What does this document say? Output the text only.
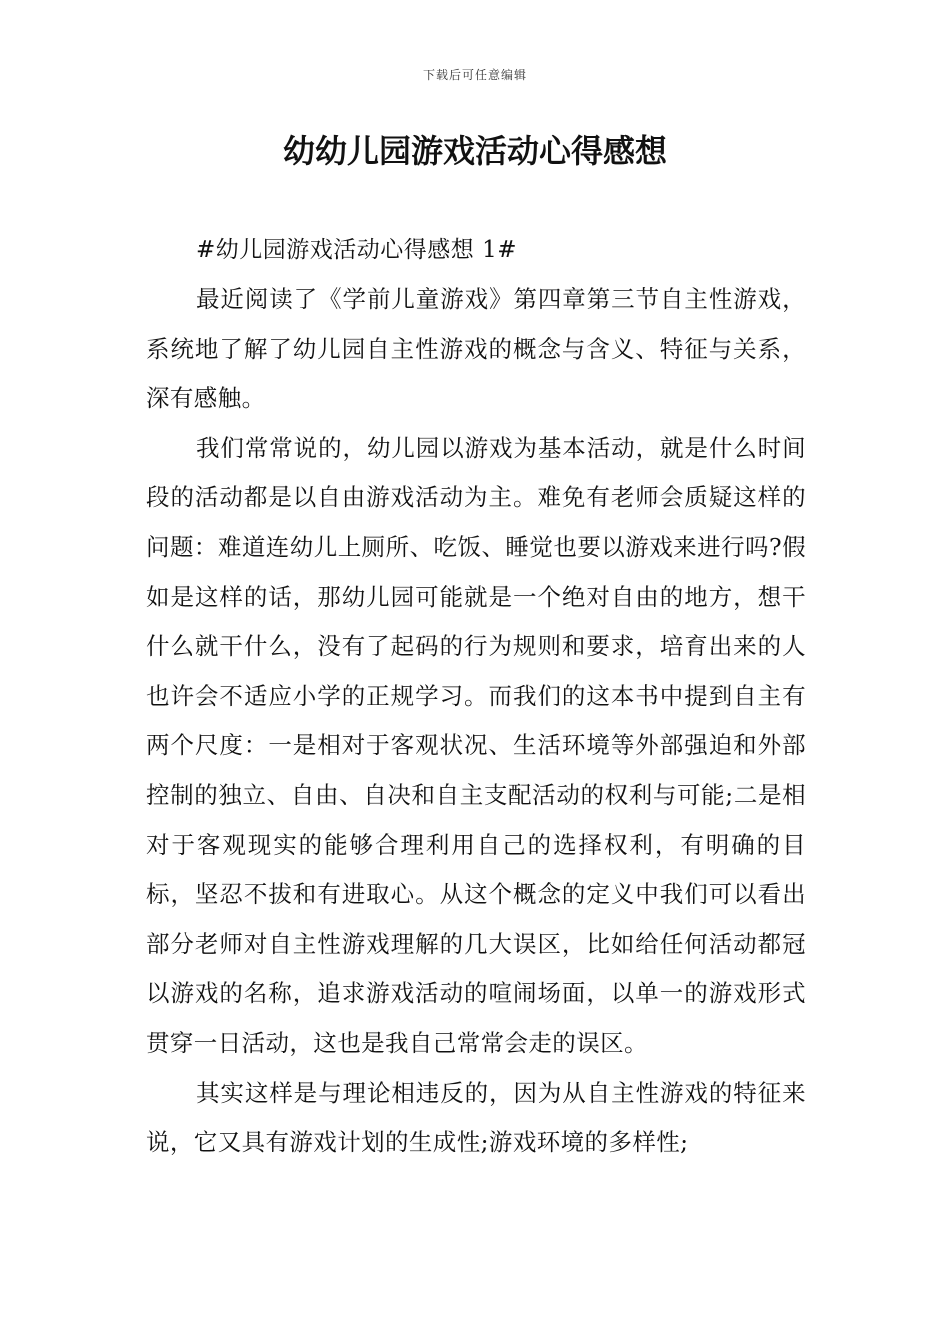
下载后可任意编辑
幼幼儿园游戏活动心得感想

#幼儿园游戏活动心得感想 1#

最近阅读了《学前儿童游戏》第四章第三节自主性游戏，系统地了解了幼儿园自主性游戏的概念与含义、特征与关系，深有感触。

我们常常说的，幼儿园以游戏为基本活动，就是什么时间段的活动都是以自由游戏活动为主。难免有老师会质疑这样的问题：难道连幼儿上厕所、吃饭、睡觉也要以游戏来进行吗?假如是这样的话，那幼儿园可能就是一个绝对自由的地方，想干什么就干什么，没有了起码的行为规则和要求，培育出来的人也许会不适应小学的正规学习。而我们的这本书中提到自主有两个尺度：一是相对于客观状况、生活环境等外部强迫和外部控制的独立、自由、自决和自主支配活动的权利与可能;二是相对于客观现实的能够合理利用自己的选择权利，有明确的目标，坚忍不拔和有进取心。从这个概念的定义中我们可以看出部分老师对自主性游戏理解的几大误区，比如给任何活动都冠以游戏的名称，追求游戏活动的喧闹场面，以单一的游戏形式贯穿一日活动，这也是我自己常常会走的误区。

其实这样是与理论相违反的，因为从自主性游戏的特征来说，它又具有游戏计划的生成性;游戏环境的多样性;
